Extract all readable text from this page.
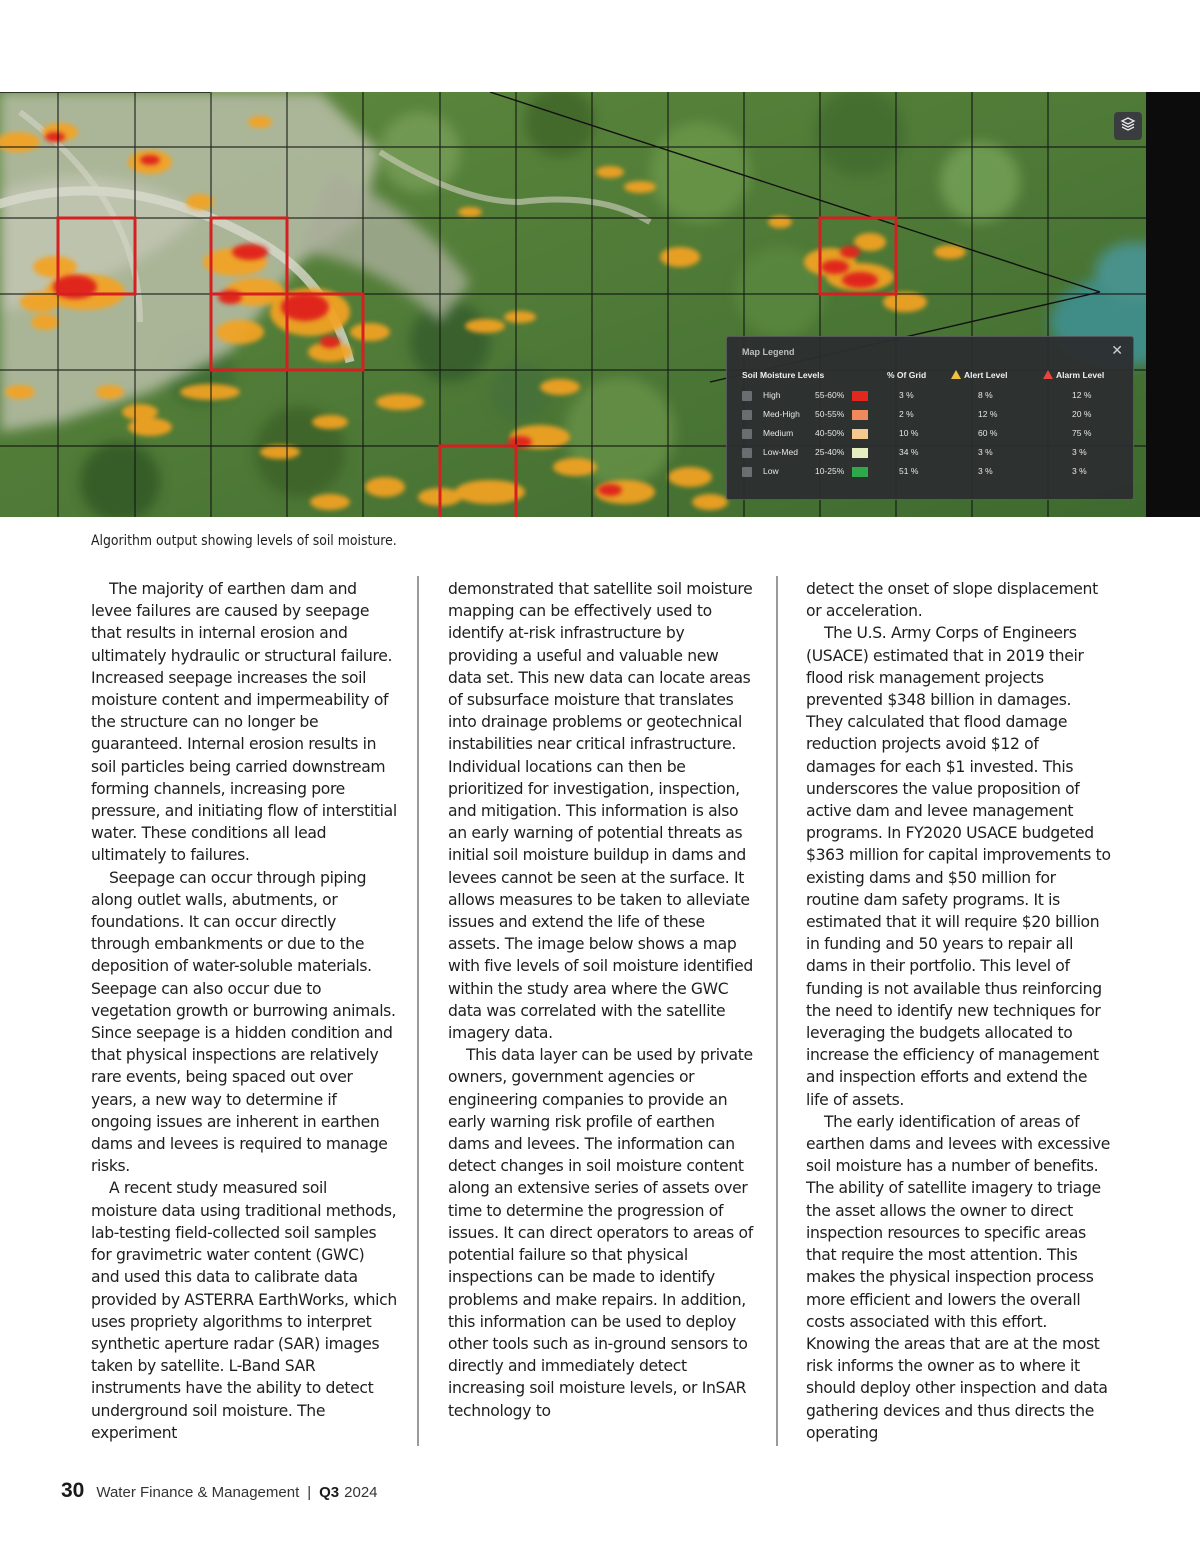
Map Legend	✕
Soil Moisture Levels	% Of Grid	Alert Level	Alarm Level
High	55-60%	3 %	8 %	12 %
Med-High 50-55%	2 %	12 %	20 %
Medium	40-50%	10 %	60 %	75 %
Low-Med 25-40%	34 %	3 %	3 %
Low	10-25%	51 %	3 %	3 %
Algorithm output showing levels of soil moisture.

The majority of earthen dam and levee failures are caused by seepage that results in internal erosion and ultimately hydraulic or structural failure. Increased seepage increases the soil moisture content and impermeability of the structure can no longer be guaranteed. Internal erosion results in soil particles being carried downstream forming channels, increasing pore pressure, and initiating flow of interstitial water. These conditions all lead ultimately to failures.

Seepage can occur through piping along outlet walls, abutments, or foundations. It can occur directly through embankments or due to the deposition of water-soluble materials. Seepage can also occur due to vegetation growth or burrowing animals. Since seepage is a hidden condition and that physical inspections are relatively rare events, being spaced out over years, a new way to determine if ongoing issues are inherent in earthen dams and levees is required to manage risks.

A recent study measured soil moisture data using traditional methods, lab-testing field-collected soil samples for gravimetric water content (GWC) and used this data to calibrate data provided by ASTERRA EarthWorks, which uses propriety algorithms to interpret synthetic aperture radar (SAR) images taken by satellite. L-Band SAR instruments have the ability to detect underground soil moisture. The experiment

demonstrated that satellite soil moisture mapping can be effectively used to identify at-risk infrastructure by providing a useful and valuable new data set. This new data can locate areas of subsurface moisture that translates into drainage problems or geotechnical instabilities near critical infrastructure. Individual locations can then be prioritized for investigation, inspection, and mitigation. This information is also an early warning of potential threats as initial soil moisture buildup in dams and levees cannot be seen at the surface. It allows measures to be taken to alleviate issues and extend the life of these assets. The image below shows a map with five levels of soil moisture identified within the study area where the GWC data was correlated with the satellite imagery data.

This data layer can be used by private owners, government agencies or engineering companies to provide an early warning risk profile of earthen dams and levees. The information can detect changes in soil moisture content along an extensive series of assets over time to determine the progression of issues. It can direct operators to areas of potential failure so that physical inspections can be made to identify problems and make repairs. In addition, this information can be used to deploy other tools such as in-ground sensors to directly and immediately detect increasing soil moisture levels, or InSAR technology to

detect the onset of slope displacement or acceleration.

The U.S. Army Corps of Engineers (USACE) estimated that in 2019 their flood risk management projects prevented $348 billion in damages. They calculated that flood damage reduction projects avoid $12 of damages for each $1 invested. This underscores the value proposition of active dam and levee management programs. In FY2020 USACE budgeted $363 million for capital improvements to existing dams and $50 million for routine dam safety programs. It is estimated that it will require $20 billion in funding and 50 years to repair all dams in their portfolio. This level of funding is not available thus reinforcing the need to identify new techniques for leveraging the budgets allocated to increase the efficiency of management and inspection efforts and extend the life of assets.

The early identification of areas of earthen dams and levees with excessive soil moisture has a number of benefits. The ability of satellite imagery to triage the asset allows the owner to direct inspection resources to specific areas that require the most attention. This makes the physical inspection process more efficient and lowers the overall costs associated with this effort. Knowing the areas that are at the most risk informs the owner as to where it should deploy other inspection and data gathering devices and thus directs the operating

30 Water Finance & Management | Q3 2024
